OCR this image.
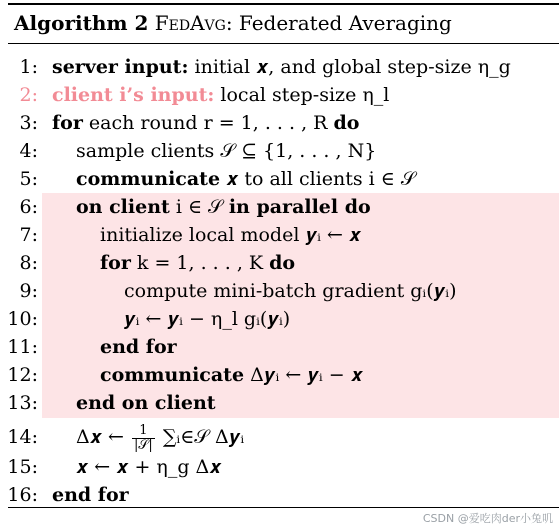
Algorithm 2 FedAvg: Federated Averaging
1: server input: initial 𝒙, and global step-size η_g
2: client i’s input: local step-size η_l
3: for each round r = 1, . . . , R do
4:	sample clients 𝒮 ⊆ {1, . . . , N}
5:	communicate 𝒙 to all clients i ∈ 𝒮
6:	on client i ∈ 𝒮 in parallel do
7:	initialize local model 𝒚ᵢ ← 𝒙
8:	for k = 1, . . . , K do
9:	compute mini-batch gradient gᵢ(𝒚ᵢ)
10:	𝒚ᵢ ← 𝒚ᵢ − η_l gᵢ(𝒚ᵢ)
11:	end for
12:	communicate Δ𝒚ᵢ ← 𝒚ᵢ − 𝒙
13:	end on client
14:	Δ𝒙 ← $\frac{1}{\text{|𝒮|}}$ ∑ᵢ∈𝒮 Δ𝒚ᵢ
15:	𝒙 ← 𝒙 + η_g Δ𝒙
16: end for
CSDN @爱吃肉der小兔叽
